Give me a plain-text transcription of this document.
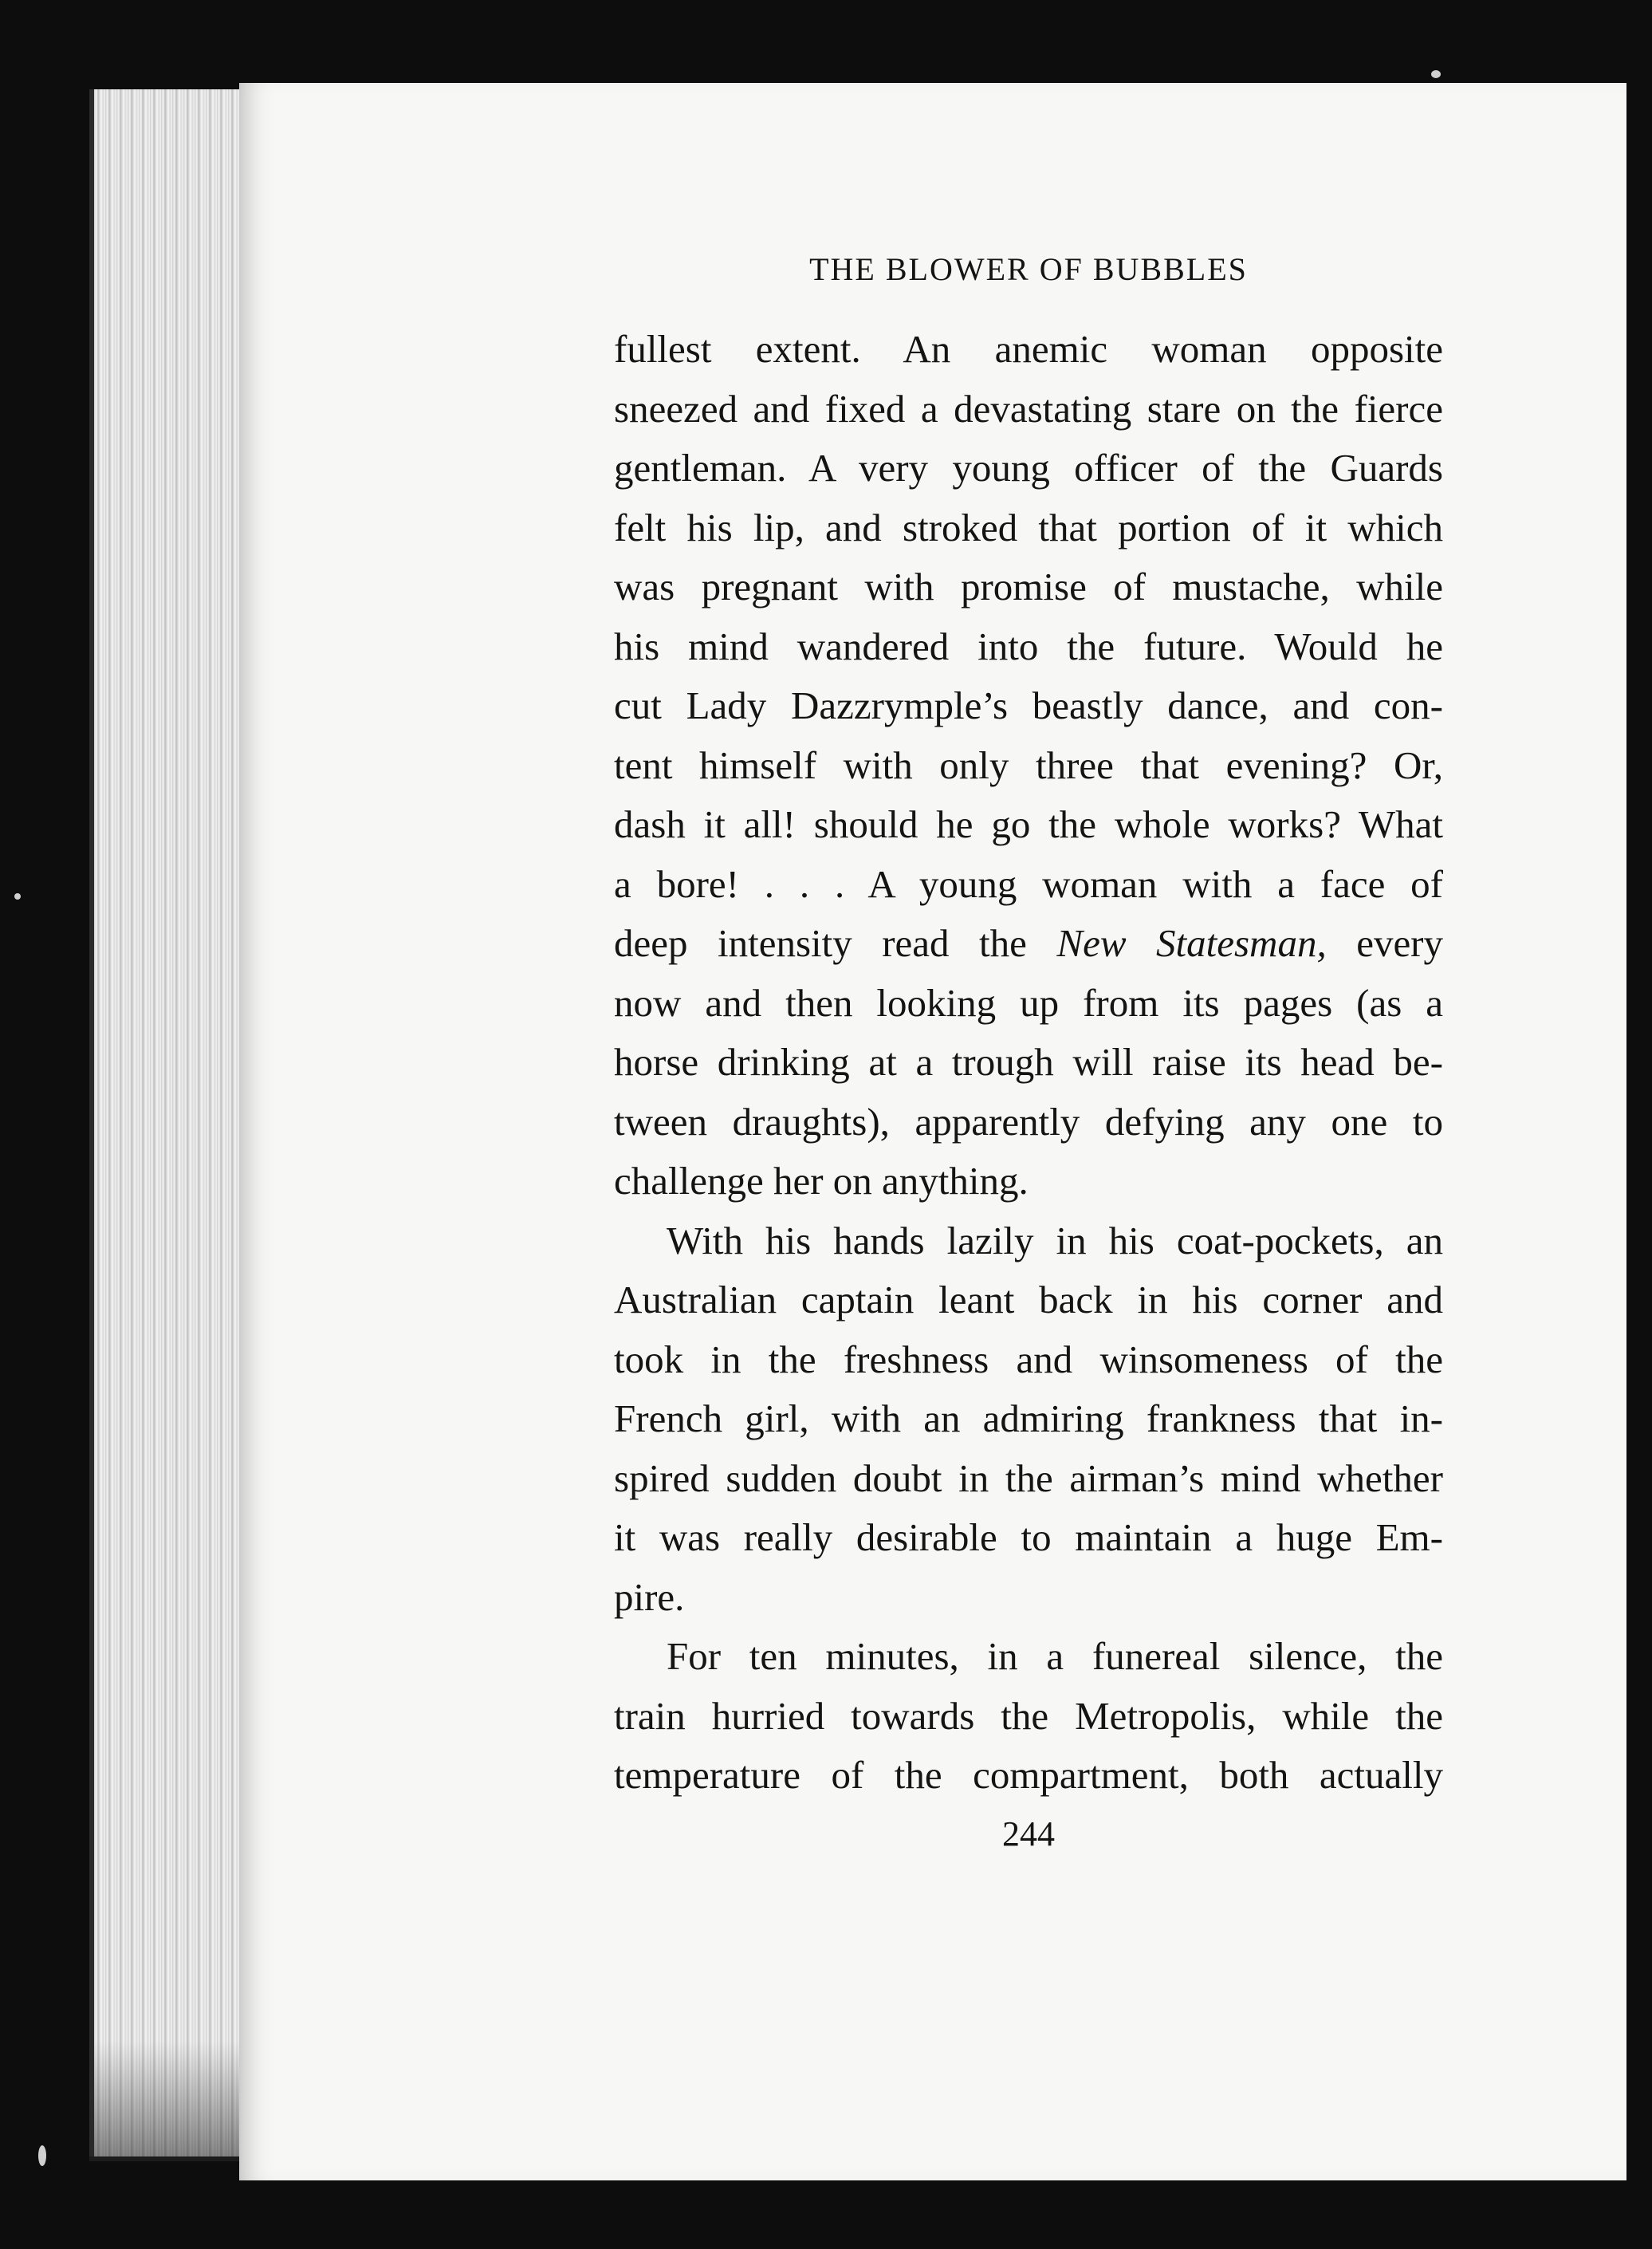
THE BLOWER OF BUBBLES
fullest extent. An anemic woman opposite
sneezed and fixed a devastating stare on the fierce
gentleman. A very young officer of the Guards
felt his lip, and stroked that portion of it which
was pregnant with promise of mustache, while
his mind wandered into the future. Would he
cut Lady Dazzrymple’s beastly dance, and con-
tent himself with only three that evening? Or,
dash it all! should he go the whole works? What
a bore! . . . A young woman with a face of
deep intensity read the New Statesman, every
now and then looking up from its pages (as a
horse drinking at a trough will raise its head be-
tween draughts), apparently defying any one to
challenge her on anything.
With his hands lazily in his coat-pockets, an
Australian captain leant back in his corner and
took in the freshness and winsomeness of the
French girl, with an admiring frankness that in-
spired sudden doubt in the airman’s mind whether
it was really desirable to maintain a huge Em-
pire.
For ten minutes, in a funereal silence, the
train hurried towards the Metropolis, while the
temperature of the compartment, both actually
244
